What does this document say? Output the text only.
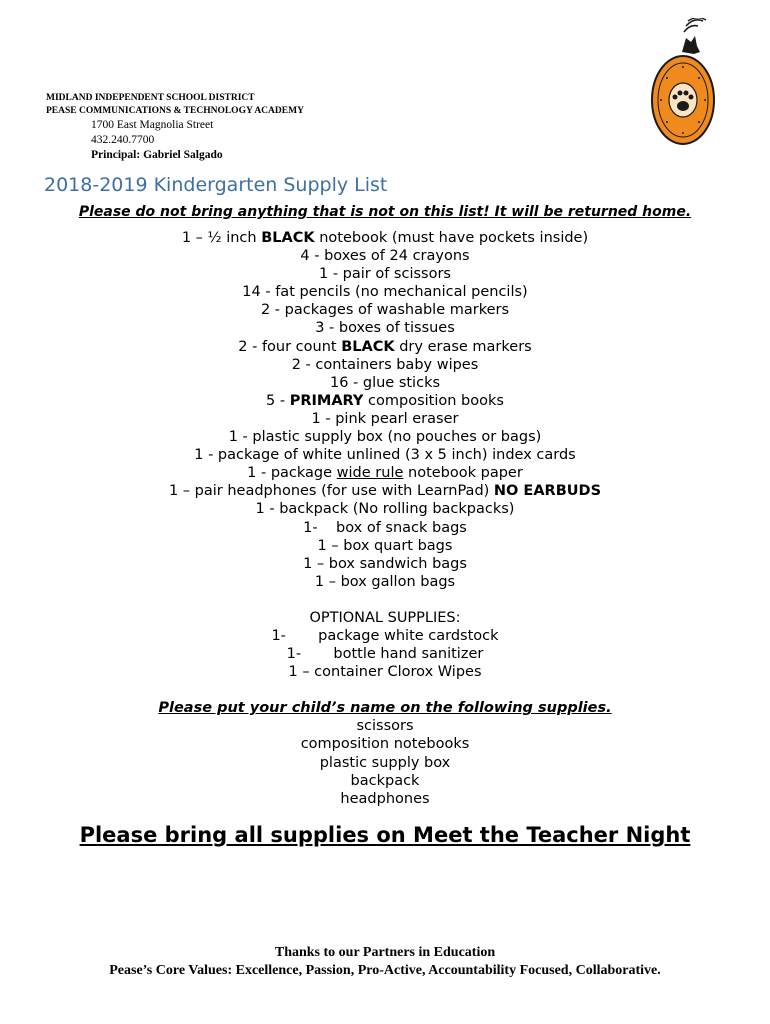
MIDLAND INDEPENDENT SCHOOL DISTRICT
PEASE COMMUNICATIONS & TECHNOLOGY ACADEMY
1700 East Magnolia Street
432.240.7700
Principal: Gabriel Salgado
2018-2019 Kindergarten Supply List
Please do not bring anything that is not on this list! It will be returned home.
1 – ½ inch BLACK notebook (must have pockets inside)
4 - boxes of 24 crayons
1 - pair of scissors
14 - fat pencils (no mechanical pencils)
2 - packages of washable markers
3 - boxes of tissues
2 - four count BLACK dry erase markers
2 - containers baby wipes
16 - glue sticks
5 - PRIMARY composition books
1 - pink pearl eraser
1 - plastic supply box (no pouches or bags)
1 - package of white unlined (3 x 5 inch) index cards
1 - package wide rule notebook paper
1 – pair headphones (for use with LearnPad) NO EARBUDS
1 - backpack (No rolling backpacks)
1-    box of snack bags
1 – box quart bags
1 – box sandwich bags
1 – box gallon bags
OPTIONAL SUPPLIES:
1-       package white cardstock
1-       bottle hand sanitizer
1 – container Clorox Wipes
Please put your child’s name on the following supplies.
scissors
composition notebooks
plastic supply box
backpack
headphones
Please bring all supplies on Meet the Teacher Night
Thanks to our Partners in Education
Pease’s Core Values: Excellence, Passion, Pro-Active, Accountability Focused, Collaborative.
